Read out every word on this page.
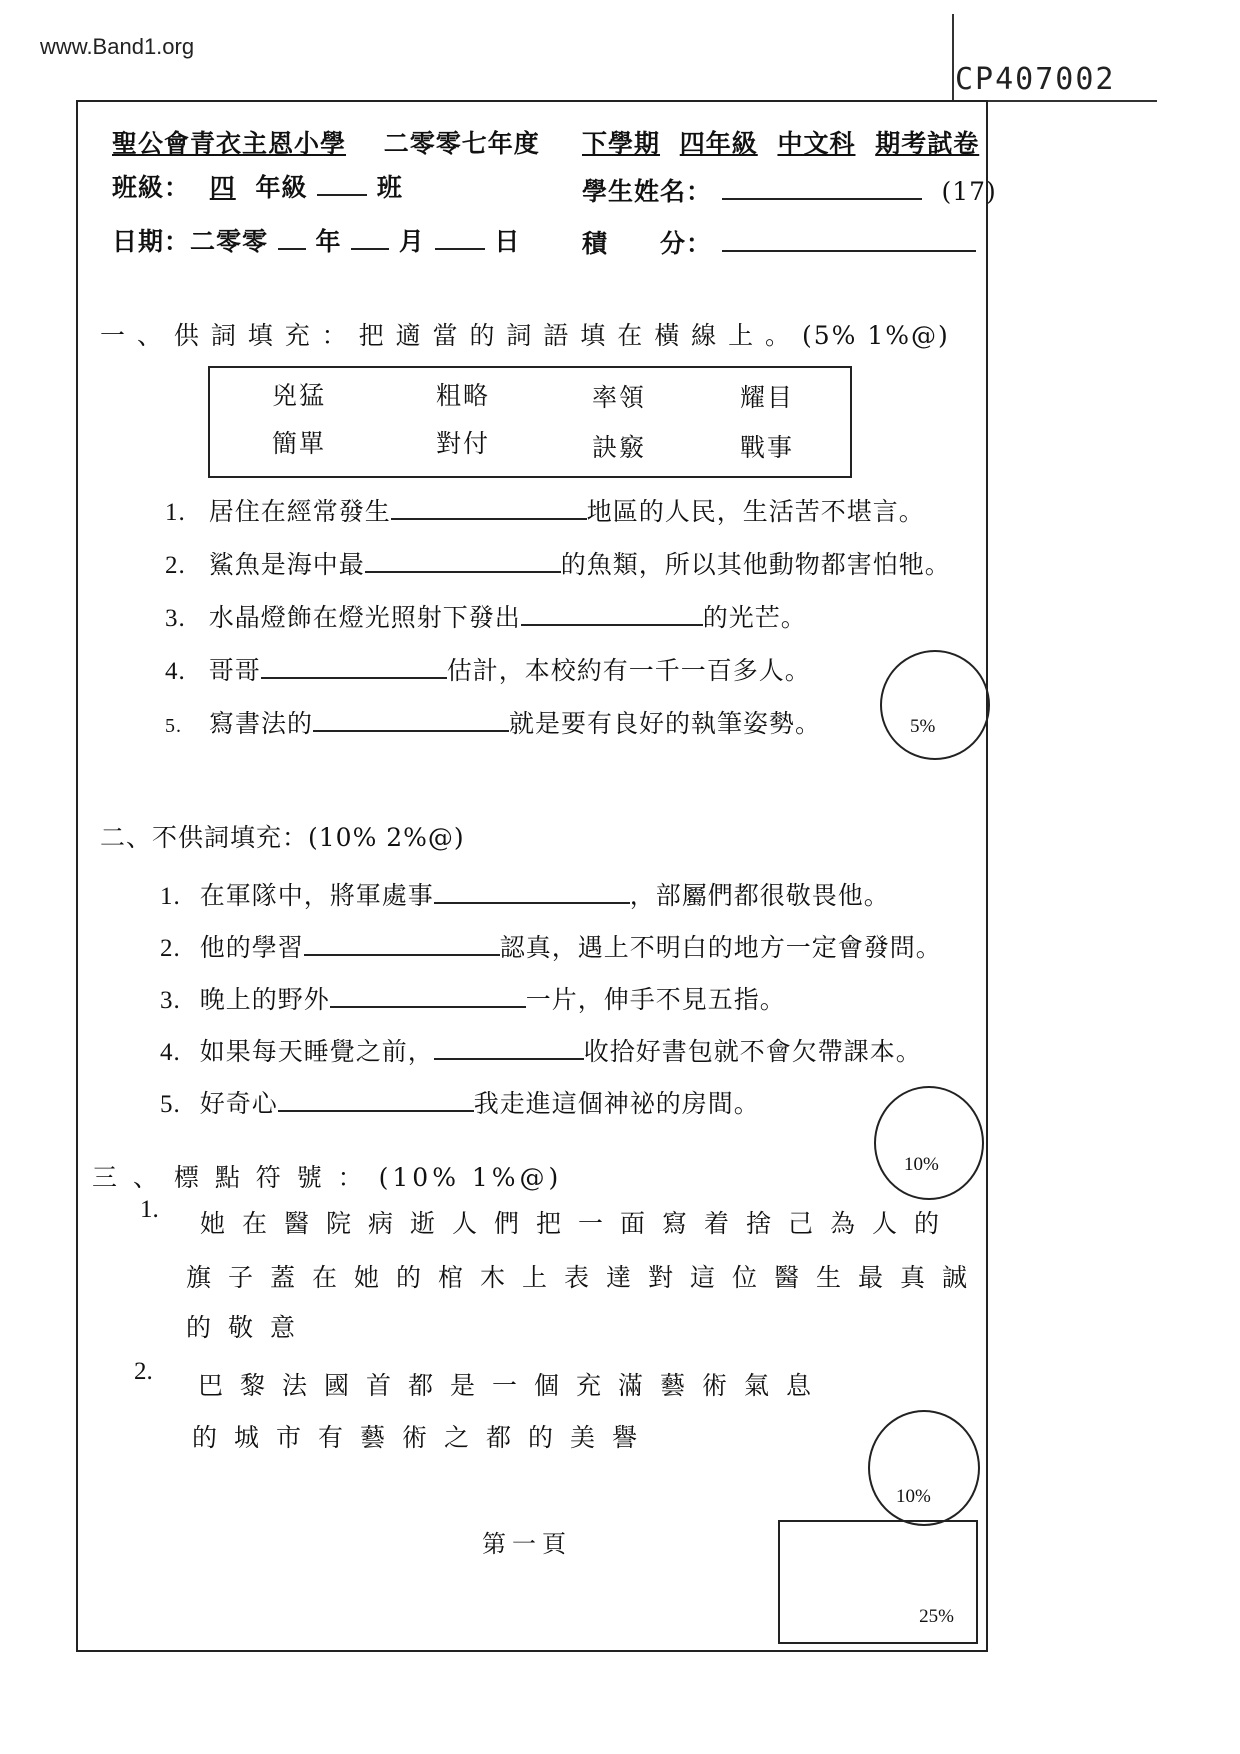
www.Band1.org
CP407002
聖公會青衣主恩小學 二零零七年度 下學期 四年級 中文科 期考試卷
班級： 四 年級	班	學生姓名：	(17)
日期：二零零 年 月	日 積　　分：
一 、 供 詞 填 充 ： 把 適 當 的 詞 語 填 在 橫 線 上 。 (5% 1%@)
兇猛	粗略	率領	耀目
簡單	對付	訣竅	戰事
1. 居住在經常發生	地區的人民，生活苦不堪言。
2. 鯊魚是海中最	的魚類，所以其他動物都害怕牠。
3. 水晶燈飾在燈光照射下發出	的光芒。
4. 哥哥	估計，本校約有一千一百多人。
5. 寫書法的	就是要有良好的執筆姿勢。	5%
二、不供詞填充：(10% 2%@)
1. 在軍隊中，將軍處事	，部屬們都很敬畏他。
2. 他的學習	認真，遇上不明白的地方一定會發問。
3. 晚上的野外	一片，伸手不見五指。
4. 如果每天睡覺之前，	收拾好書包就不會欠帶課本。
5. 好奇心	我走進這個神祕的房間。
10%
三 、 標 點 符 號 ： (10% 1%@)
1. 她在醫院病逝人們把一面寫着捨己為人的
旗子蓋在她的棺木上表達對這位醫生最真誠
的敬意
2. 巴黎法國首都是一個充滿藝術氣息
的城市有藝術之都的美譽
10%
第一頁
25%
